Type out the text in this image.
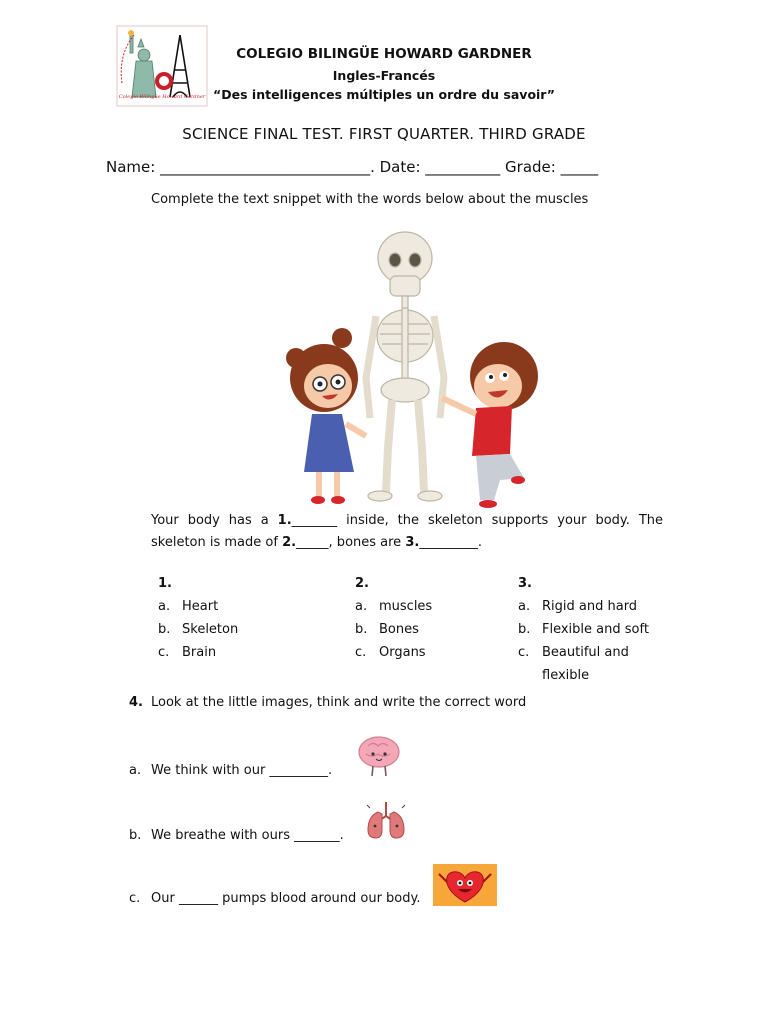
Colegio Bilingüe Howard Gardner
COLEGIO BILINGÜE HOWARD GARDNER
Ingles-Francés
“Des intelligences múltiples un ordre du savoir”
SCIENCE FINAL TEST. FIRST QUARTER. THIRD GRADE
Name: ____________________________. Date: __________ Grade: _____
Complete the text snippet with the words below about the muscles
Your body has a 1._______ inside, the skeleton supports your body. The skeleton is made of 2._____, bones are 3._________.
1.
a. Heart
b. Skeleton
c. Brain
2.
a. muscles
b. Bones
c. Organs
3.
a. Rigid and hard
b. Flexible and soft
c. Beautiful and flexible
4. Look at the little images, think and write the correct word
a. We think with our _________.
b. We breathe with ours _______.
c. Our ______ pumps blood around our body.
